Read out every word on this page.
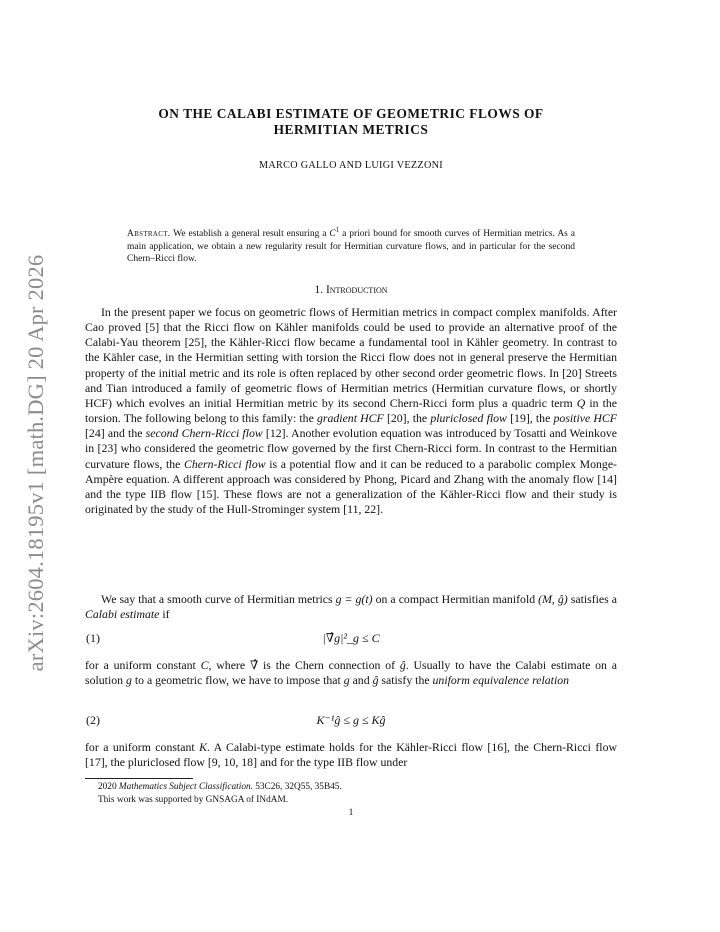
arXiv:2604.18195v1 [math.DG] 20 Apr 2026
ON THE CALABI ESTIMATE OF GEOMETRIC FLOWS OF
HERMITIAN METRICS
MARCO GALLO AND LUIGI VEZZONI
Abstract. We establish a general result ensuring a $C^1$ a priori bound for smooth curves of Hermitian metrics. As a main application, we obtain a new regularity result for Hermitian curvature flows, and in particular for the second Chern–Ricci flow.
1. Introduction
In the present paper we focus on geometric flows of Hermitian metrics in compact complex manifolds. After Cao proved [5] that the Ricci flow on Kähler manifolds could be used to provide an alternative proof of the Calabi-Yau theorem [25], the Kähler-Ricci flow became a fundamental tool in Kähler geometry. In contrast to the Kähler case, in the Hermitian setting with torsion the Ricci flow does not in general preserve the Hermitian property of the initial metric and its role is often replaced by other second order geometric flows. In [20] Streets and Tian introduced a family of geometric flows of Hermitian metrics (Hermitian curvature flows, or shortly HCF) which evolves an initial Hermitian metric by its second Chern-Ricci form plus a quadric term Q in the torsion. The following belong to this family: the gradient HCF [20], the pluriclosed flow [19], the positive HCF [24] and the second Chern-Ricci flow [12]. Another evolution equation was introduced by Tosatti and Weinkove in [23] who considered the geometric flow governed by the first Chern-Ricci form. In contrast to the Hermitian curvature flows, the Chern-Ricci flow is a potential flow and it can be reduced to a parabolic complex Monge-Ampère equation. A different approach was considered by Phong, Picard and Zhang with the anomaly flow [14] and the type IIB flow [15]. These flows are not a generalization of the Kähler-Ricci flow and their study is originated by the study of the Hull-Strominger system [11, 22].
We say that a smooth curve of Hermitian metrics g = g(t) on a compact Hermitian manifold (M, ĝ) satisfies a Calabi estimate if
(1)	|∇̂g|²_g ≤ C
for a uniform constant C, where ∇̂ is the Chern connection of ĝ. Usually to have the Calabi estimate on a solution g to a geometric flow, we have to impose that g and ĝ satisfy the uniform equivalence relation
(2)	K⁻¹ĝ ≤ g ≤ Kĝ
for a uniform constant K. A Calabi-type estimate holds for the Kähler-Ricci flow [16], the Chern-Ricci flow [17], the pluriclosed flow [9, 10, 18] and for the type IIB flow under
2020 Mathematics Subject Classification. 53C26, 32Q55, 35B45.
This work was supported by GNSAGA of INdAM.
1
